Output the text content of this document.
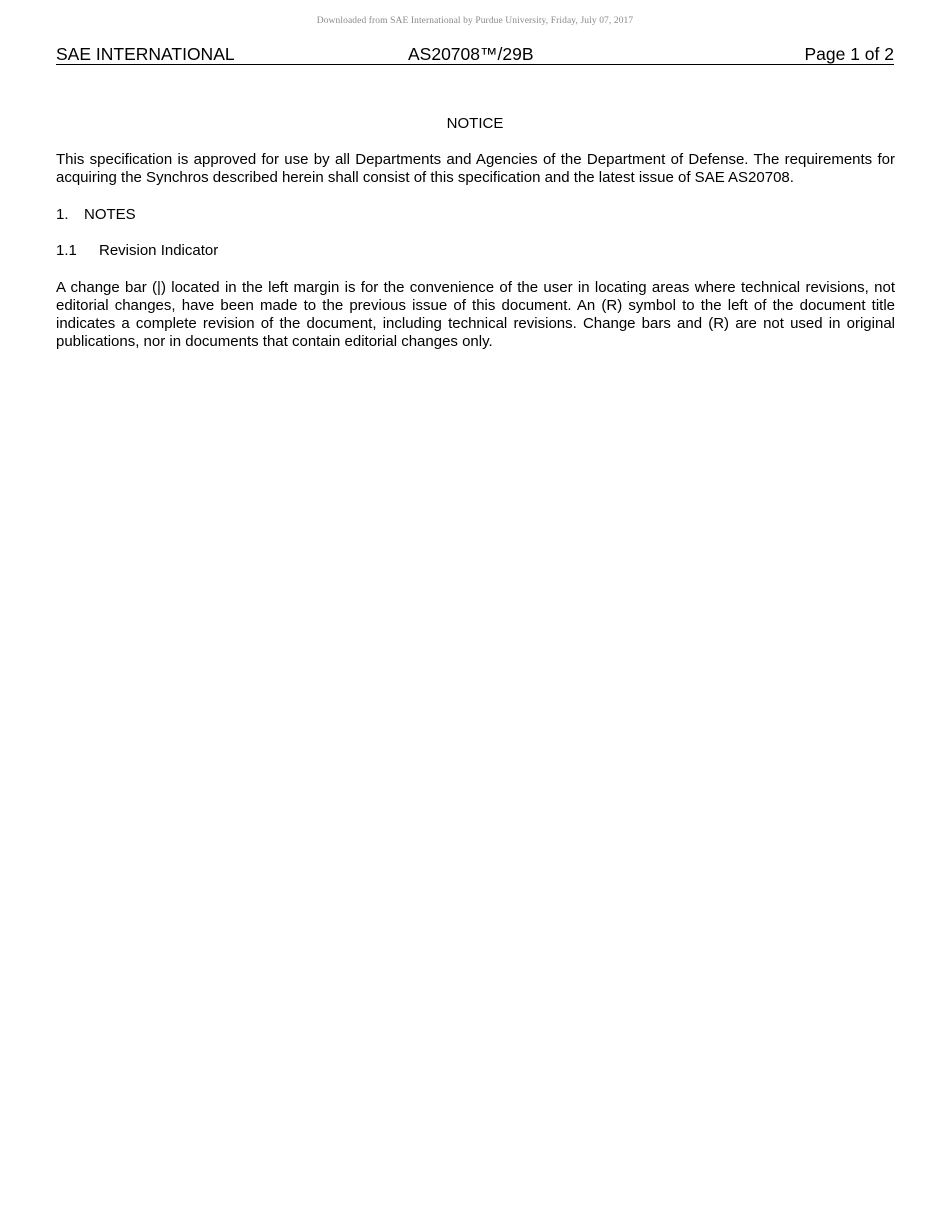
Downloaded from SAE International by Purdue University, Friday, July 07, 2017
SAE INTERNATIONAL	AS20708™/29B	Page 1 of 2
NOTICE
This specification is approved for use by all Departments and Agencies of the Department of Defense. The requirements for acquiring the Synchros described herein shall consist of this specification and the latest issue of SAE AS20708.
1. NOTES
1.1 Revision Indicator
A change bar (|) located in the left margin is for the convenience of the user in locating areas where technical revisions, not editorial changes, have been made to the previous issue of this document. An (R) symbol to the left of the document title indicates a complete revision of the document, including technical revisions. Change bars and (R) are not used in original publications, nor in documents that contain editorial changes only.
